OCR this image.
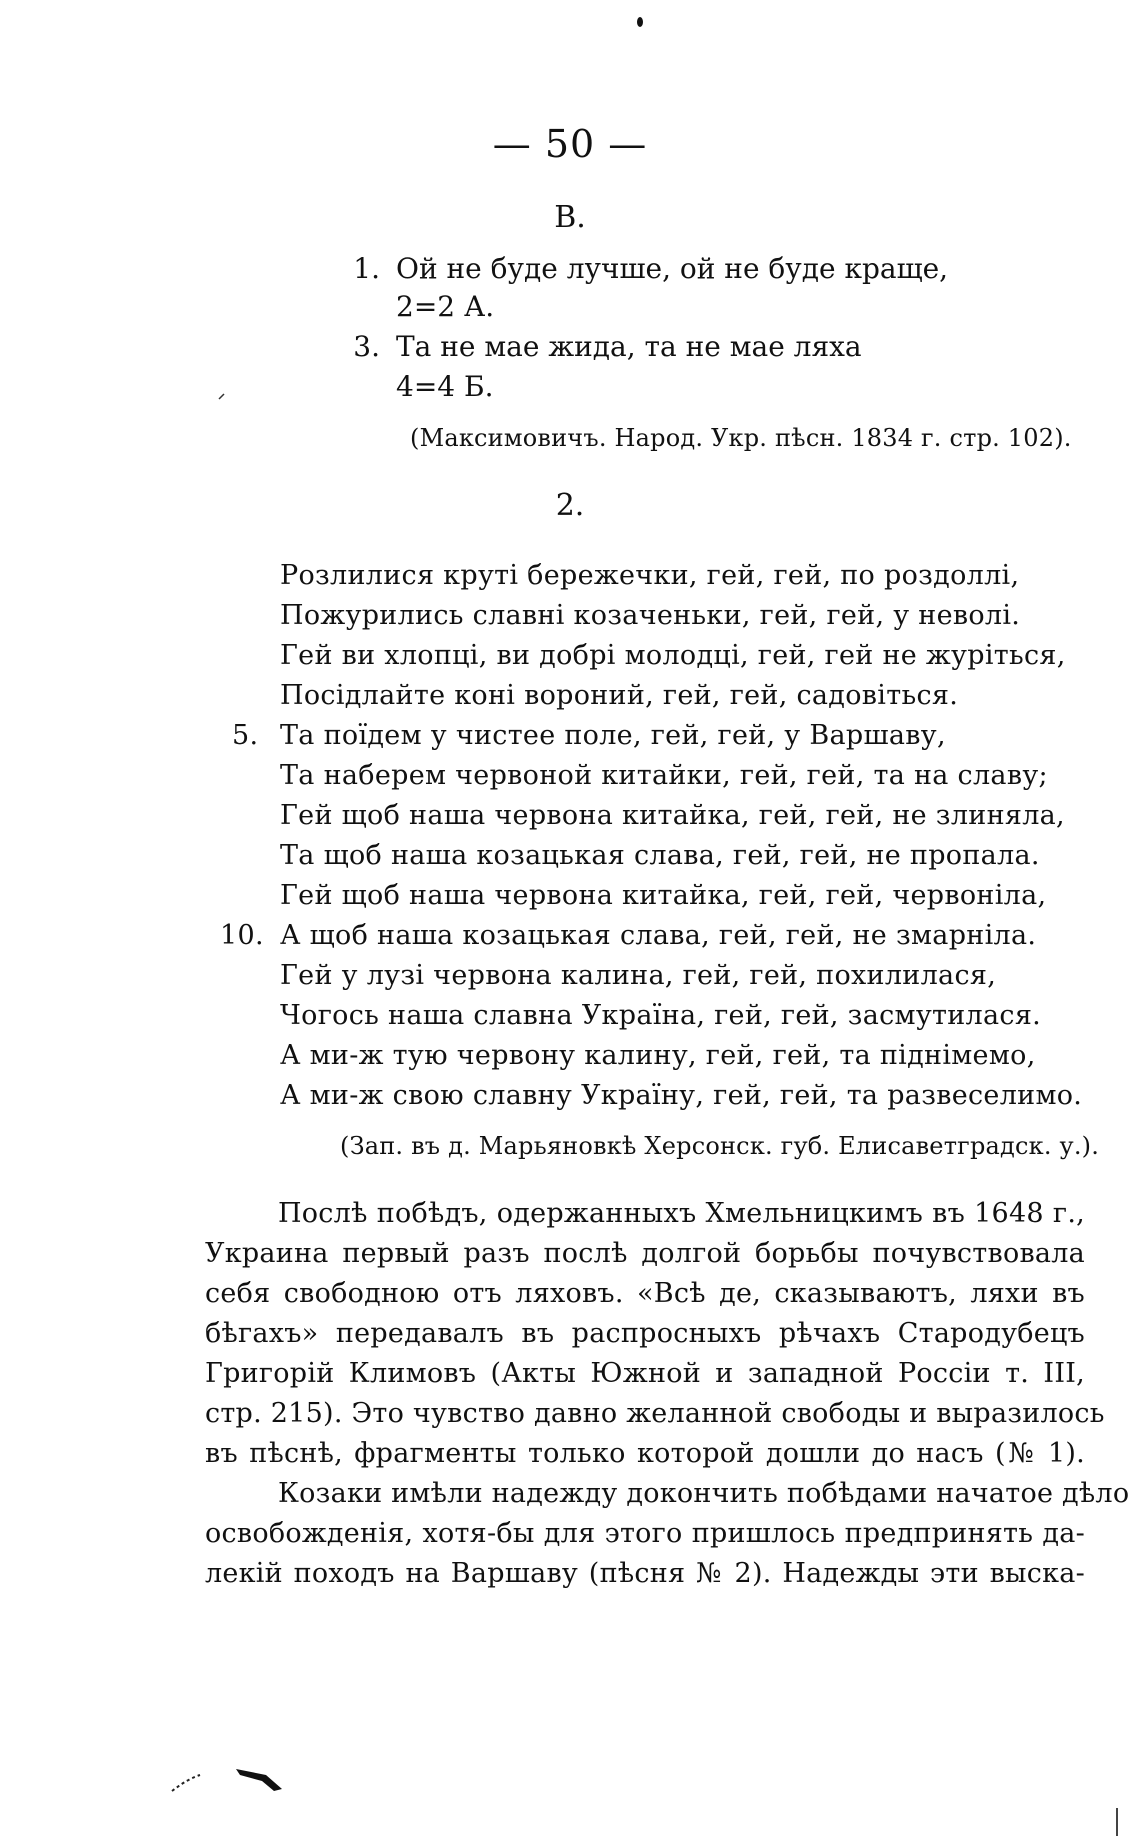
— 50 —
В.
1. Ой не буде лучше, ой не буде краще,
2=2 А.
3. Та не мае жида, та не мае ляха
4=4 Б.
(Максимовичъ. Народ. Укр. пѣсн. 1834 г. стр. 102).
2.
Розлилися круті бережечки, гей, гей, по роздоллі,
Пожурились славні козаченьки, гей, гей, у неволі.
Гей ви хлопці, ви добрі молодці, гей, гей не журіться,
Посідлайте коні вороний, гей, гей, садовіться.
5. Та поїдем у чистее поле, гей, гей, у Варшаву,
Та наберем червоной китайки, гей, гей, та на славу;
Гей щоб наша червона китайка, гей, гей, не злиняла,
Та щоб наша козацькая слава, гей, гей, не пропала.
Гей щоб наша червона китайка, гей, гей, червоніла,
10. А щоб наша козацькая слава, гей, гей, не змарніла.
Гей у лузі червона калина, гей, гей, похилилася,
Чогось наша славна Україна, гей, гей, засмутилася.
А ми-ж тую червону калину, гей, гей, та піднімемо,
А ми-ж свою славну Україну, гей, гей, та развеселимо.
(Зап. въ д. Марьяновкѣ Херсонск. губ. Елисаветградск. у.).
Послѣ побѣдъ, одержанныхъ Хмельницкимъ въ 1648 г.,
Украина первый разъ послѣ долгой борьбы почувствовала
себя свободною отъ ляховъ. «Всѣ де, сказываютъ, ляхи въ
бѣгахъ» передавалъ въ распросныхъ рѣчахъ Стародубецъ
Григорій Климовъ (Акты Южной и западной Россіи т. III,
стр. 215). Это чувство давно желанной свободы и выразилось
въ пѣснѣ, фрагменты только которой дошли до насъ (№ 1).
Козаки имѣли надежду докончить побѣдами начатое дѣло
освобожденія, хотя-бы для этого пришлось предпринять да-
лекій походъ на Варшаву (пѣсня № 2). Надежды эти выска-
